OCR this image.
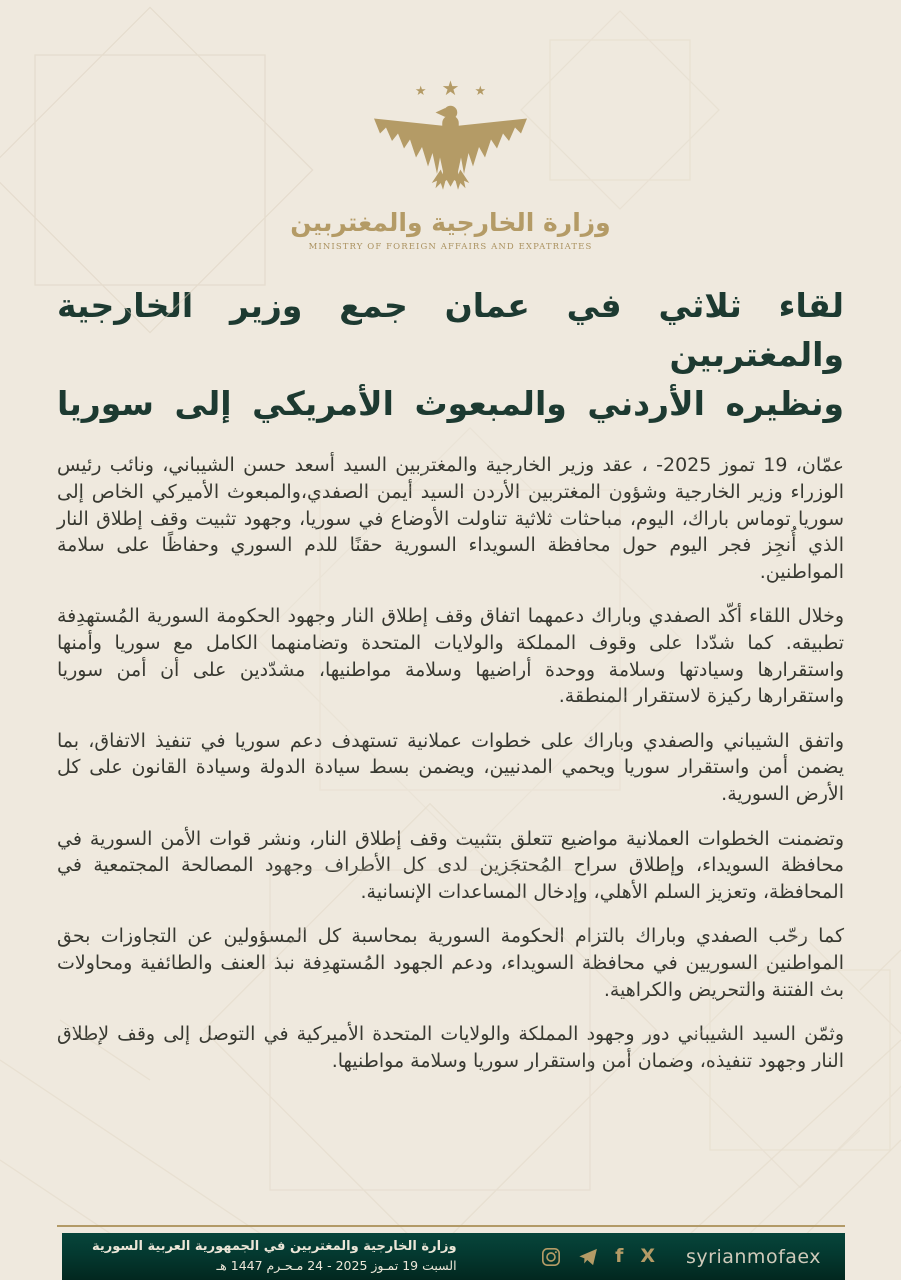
★ ★ ★
وزارة الخارجية والمغتربين
MINISTRY OF FOREIGN AFFAIRS AND EXPATRIATES
لقاء ثلاثي في عمان جمع وزير الخارجية والمغتربين
ونظيره الأردني والمبعوث الأمريكي إلى سوريا

عمّان، 19 تموز 2025- ، عقد وزير الخارجية والمغتربين السيد أسعد حسن الشيباني، ونائب رئيس الوزراء وزير الخارجية وشؤون المغتربين الأردن السيد أيمن الصفدي،والمبعوث الأميركي الخاص إلى سوريا توماس باراك، اليوم، مباحثات ثلاثية تناولت الأوضاع في سوريا، وجهود تثبيت وقف إطلاق النار الذي أُنجِز فجر اليوم حول محافظة السويداء السورية حقنًا للدم السوري وحفاظًا على سلامة المواطنين.

وخلال اللقاء أكّد الصفدي وباراك دعمهما اتفاق وقف إطلاق النار وجهود الحكومة السورية المُستهدِفة تطبيقه. كما شدّدا على وقوف المملكة والولايات المتحدة وتضامنهما الكامل مع سوريا وأمنها واستقرارها وسيادتها وسلامة ووحدة أراضيها وسلامة مواطنيها، مشدّدين على أن أمن سوريا واستقرارها ركيزة لاستقرار المنطقة.

واتفق الشيباني والصفدي وباراك على خطوات عملانية تستهدف دعم سوريا في تنفيذ الاتفاق، بما يضمن أمن واستقرار سوريا ويحمي المدنيين، ويضمن بسط سيادة الدولة وسيادة القانون على كل الأرض السورية.

وتضمنت الخطوات العملانية مواضيع تتعلق بتثبيت وقف إطلاق النار، ونشر قوات الأمن السورية في محافظة السويداء، وإطلاق سراح المُحتجَزين لدى كل الأطراف وجهود المصالحة المجتمعية في المحافظة، وتعزيز السلم الأهلي، وإدخال المساعدات الإنسانية.

كما رحّب الصفدي وباراك بالتزام الحكومة السورية بمحاسبة كل المسؤولين عن التجاوزات بحق المواطنين السوريين في محافظة السويداء، ودعم الجهود المُستهدِفة نبذ العنف والطائفية ومحاولات بث الفتنة والتحريض والكراهية.

وثمّن السيد الشيباني دور وجهود المملكة والولايات المتحدة الأميركية في التوصل إلى وقف لإطلاق النار وجهود تنفيذه، وضمان أمن واستقرار سوريا وسلامة مواطنيها.

f X syrianmofaex
وزارة الخارجية والمغتربين في الجمهورية العربية السورية
السبت 19 تمـوز 2025 - 24 مـحـرم 1447 هـ
